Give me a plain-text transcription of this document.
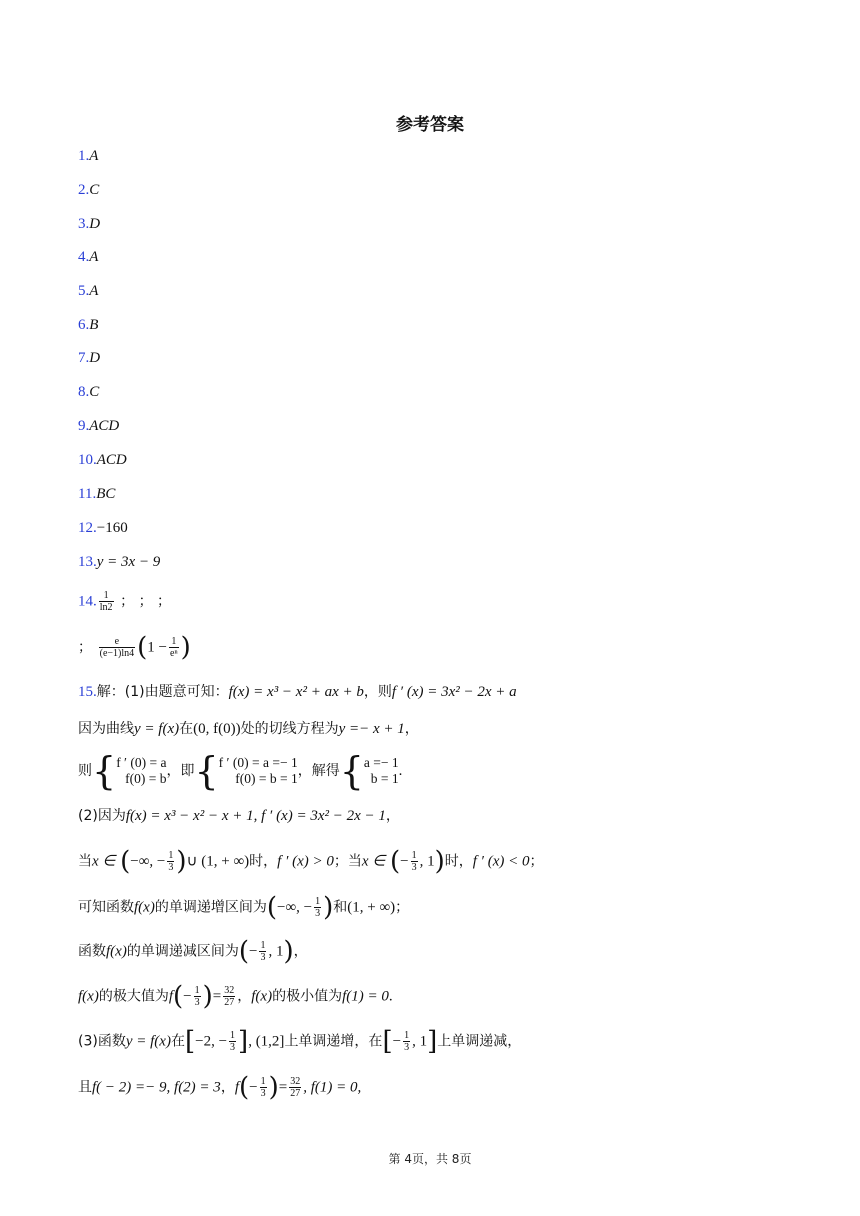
参考答案
1.A
2.C
3.D
4.A
5.A
6.B
7.D
8.C
9.ACD
10.ACD
11.BC
12.−160
13.y = 3x − 9
14. $\frac{1}{\ln 2}$ ； ； ；
； $\frac{e}{(e-1)\ln 4} (1 - \frac{1}{\text{eⁿ}}$ )
15.解：(1)由题意可知：f(x) = x³ − x² + ax + b，则f ′ (x) = 3x² − 2x + a
因为曲线y = f(x)在(0, f(0))处的切线方程为y =− x + 1，
则{ f ′ (0) = a
f(0) = b ，即{ f ′ (0) = a =− 1
f(0) = b = 1 ，解得{ a =− 1
b = 1 .
(2)因为f(x) = x³ − x² − x + 1, f ′ (x) = 3x² − 2x − 1，
当x ∈ (−∞, − $\frac{1}{3}$ )∪ (1, + ∞)时，f ′ (x) > 0；当x ∈ (− $\frac{1}{3}$ , 1)时，f ′ (x) < 0；
可知函数f(x)的单调递增区间为(−∞, − $\frac{1}{3}$ )和(1, + ∞)；
函数f(x)的单调递减区间为(− $\frac{1}{3}$ , 1)，
f(x)的极大值为$f(- \frac{1}{3}$ )= $\frac{32}{27}$ ，f(x)的极小值为f(1) = 0.
(3)函数y = f(x)在[−2, − $\frac{1}{3}$ ], (1,2]上单调递增，在[− $\frac{1}{3}$ , 1]上单调递减，
且f( − 2) =− 9, f(2) = 3，$f(- \frac{1}{3}$ )= $\frac{32}{27}$ , f(1) = 0,
第 4页，共 8页
